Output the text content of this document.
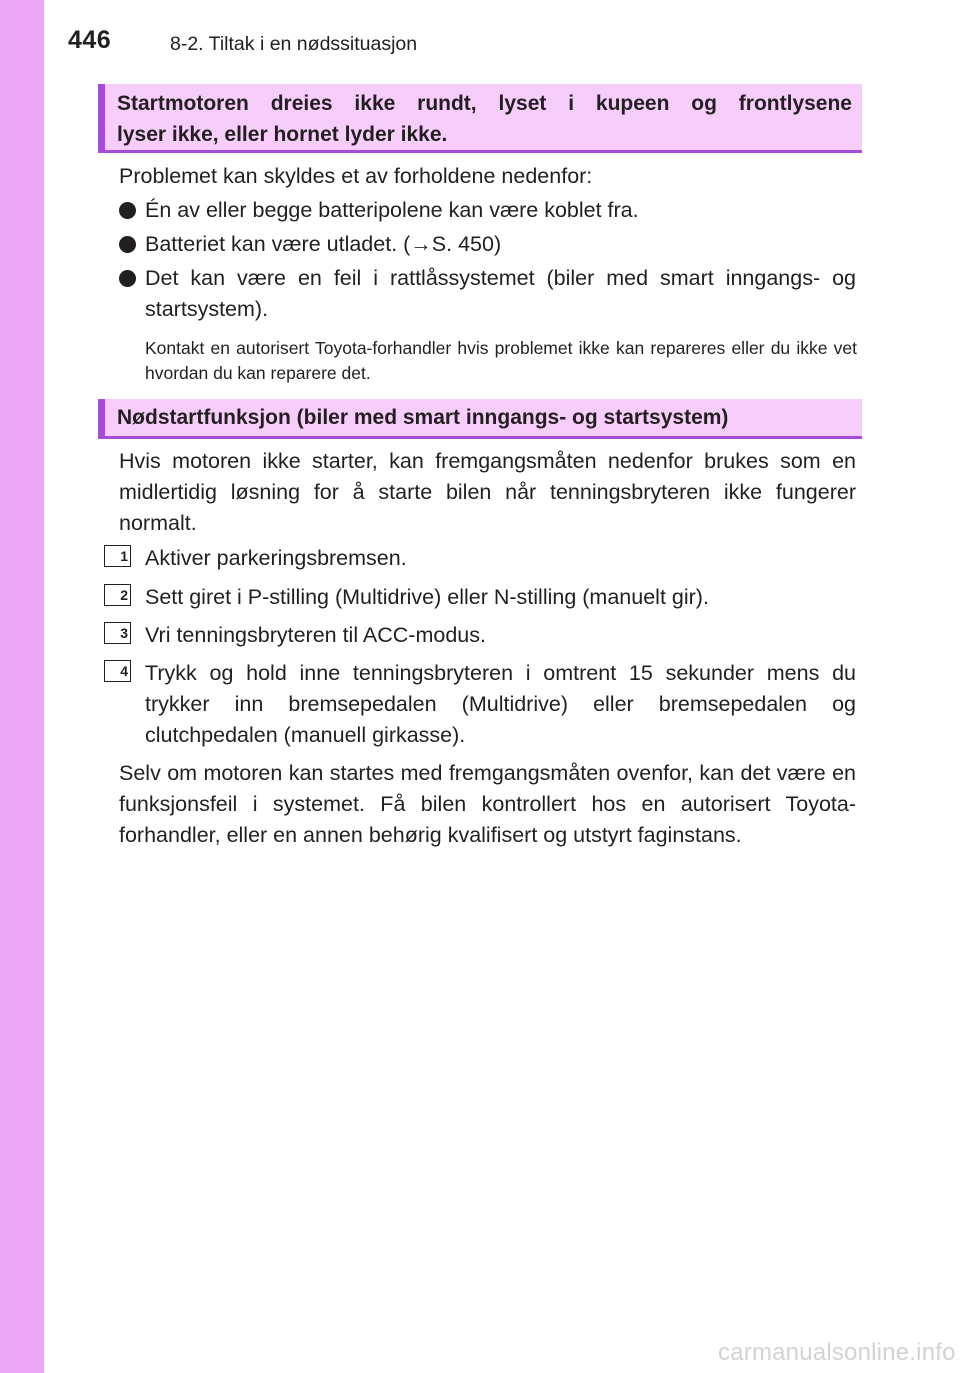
446	8-2. Tiltak i en nødssituasjon
Startmotoren dreies ikke rundt, lyset i kupeen og frontlysene
lyser ikke, eller hornet lyder ikke.
Problemet kan skyldes et av forholdene nedenfor:
Én av eller begge batteripolene kan være koblet fra.
Batteriet kan være utladet. (→S. 450)
Det kan være en feil i rattlåssystemet (biler med smart inngangs- og startsystem).
Kontakt en autorisert Toyota-forhandler hvis problemet ikke kan repareres eller du ikke vet hvordan du kan reparere det.
Nødstartfunksjon (biler med smart inngangs- og startsystem)
Hvis motoren ikke starter, kan fremgangsmåten nedenfor brukes som en midlertidig løsning for å starte bilen når tenningsbryteren ikke fungerer normalt.
1 Aktiver parkeringsbremsen.
2 Sett giret i P-stilling (Multidrive) eller N-stilling (manuelt gir).
3 Vri tenningsbryteren til ACC-modus.
4 Trykk og hold inne tenningsbryteren i omtrent 15 sekunder mens du trykker inn bremsepedalen (Multidrive) eller bremsepedalen og clutchpedalen (manuell girkasse).
Selv om motoren kan startes med fremgangsmåten ovenfor, kan det være en funksjonsfeil i systemet. Få bilen kontrollert hos en autorisert Toyota-forhandler, eller en annen behørig kvalifisert og utstyrt faginstans.
carmanualsonline.info
